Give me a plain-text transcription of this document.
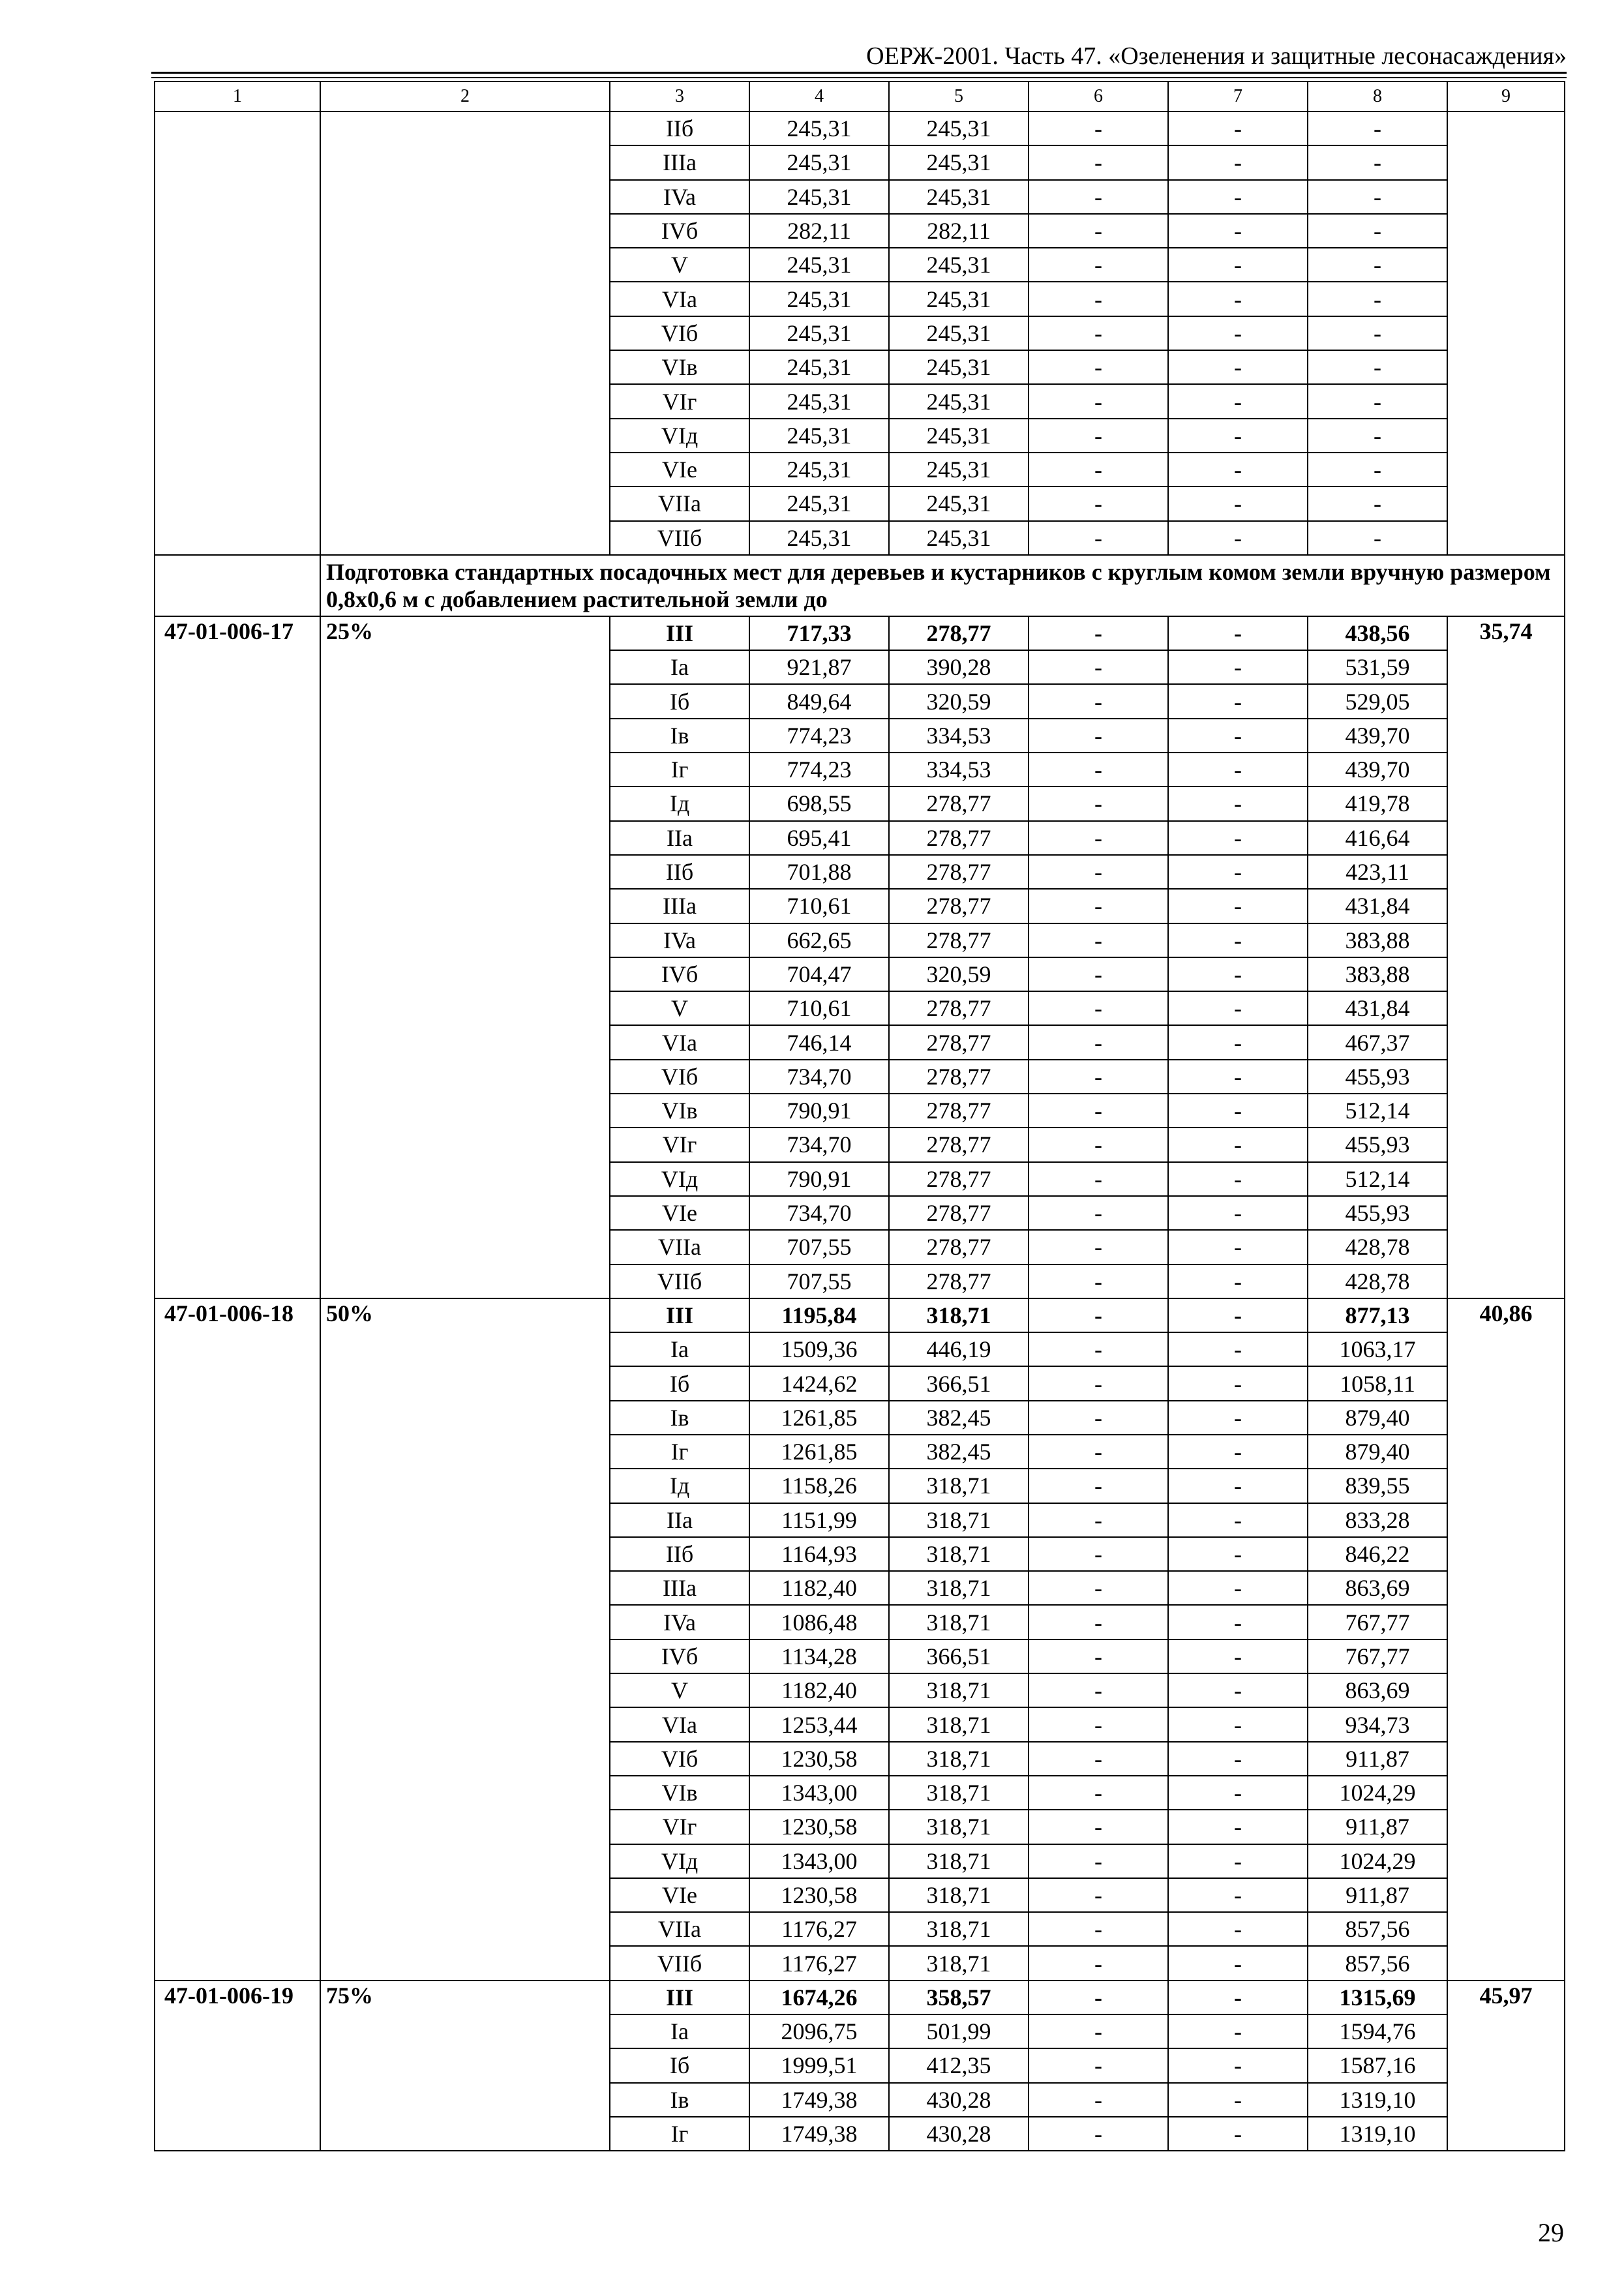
ОЕРЖ-2001. Часть 47. «Озеленения и защитные лесонасаждения»
1	2	3	4	5	6	7	8	9
		IIб	245,31	245,31	-	-	-	
		IIIa	245,31	245,31	-	-	-	
		IVa	245,31	245,31	-	-	-	
		IVб	282,11	282,11	-	-	-	
		V	245,31	245,31	-	-	-	
		VIa	245,31	245,31	-	-	-	
		VIб	245,31	245,31	-	-	-	
		VIв	245,31	245,31	-	-	-	
		VIг	245,31	245,31	-	-	-	
		VIд	245,31	245,31	-	-	-	
		VIe	245,31	245,31	-	-	-	
		VIIa	245,31	245,31	-	-	-	
		VIIб	245,31	245,31	-	-	-	
	Подготовка стандартных посадочных мест для деревьев и кустарников с круглым комом земли вручную размером 0,8х0,6 м с добавлением растительной земли до							
47-01-006-17	25%	III	717,33	278,77	-	-	438,56	35,74
		Ia	921,87	390,28	-	-	531,59	
		Iб	849,64	320,59	-	-	529,05	
		Iв	774,23	334,53	-	-	439,70	
		Iг	774,23	334,53	-	-	439,70	
		Iд	698,55	278,77	-	-	419,78	
		IIa	695,41	278,77	-	-	416,64	
		IIб	701,88	278,77	-	-	423,11	
		IIIa	710,61	278,77	-	-	431,84	
		IVa	662,65	278,77	-	-	383,88	
		IVб	704,47	320,59	-	-	383,88	
		V	710,61	278,77	-	-	431,84	
		VIa	746,14	278,77	-	-	467,37	
		VIб	734,70	278,77	-	-	455,93	
		VIв	790,91	278,77	-	-	512,14	
		VIг	734,70	278,77	-	-	455,93	
		VIд	790,91	278,77	-	-	512,14	
		VIe	734,70	278,77	-	-	455,93	
		VIIa	707,55	278,77	-	-	428,78	
		VIIб	707,55	278,77	-	-	428,78	
47-01-006-18	50%	III	1195,84	318,71	-	-	877,13	40,86
		Ia	1509,36	446,19	-	-	1063,17	
		Iб	1424,62	366,51	-	-	1058,11	
		Iв	1261,85	382,45	-	-	879,40	
		Iг	1261,85	382,45	-	-	879,40	
		Iд	1158,26	318,71	-	-	839,55	
		IIa	1151,99	318,71	-	-	833,28	
		IIб	1164,93	318,71	-	-	846,22	
		IIIa	1182,40	318,71	-	-	863,69	
		IVa	1086,48	318,71	-	-	767,77	
		IVб	1134,28	366,51	-	-	767,77	
		V	1182,40	318,71	-	-	863,69	
		VIa	1253,44	318,71	-	-	934,73	
		VIб	1230,58	318,71	-	-	911,87	
		VIв	1343,00	318,71	-	-	1024,29	
		VIг	1230,58	318,71	-	-	911,87	
		VIд	1343,00	318,71	-	-	1024,29	
		VIe	1230,58	318,71	-	-	911,87	
		VIIa	1176,27	318,71	-	-	857,56	
		VIIб	1176,27	318,71	-	-	857,56	
47-01-006-19	75%	III	1674,26	358,57	-	-	1315,69	45,97
		Ia	2096,75	501,99	-	-	1594,76	
		Iб	1999,51	412,35	-	-	1587,16	
		Iв	1749,38	430,28	-	-	1319,10	
		Iг	1749,38	430,28	-	-	1319,10	
29
